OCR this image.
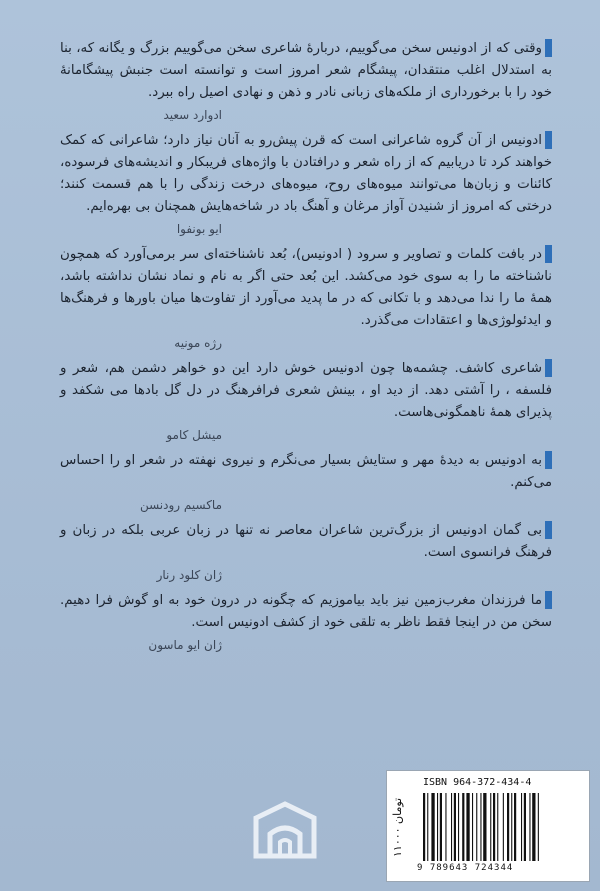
وقتی که از ادونیس سخن می‌گوییم، دربارهٔ شاعری سخن می‌گوییم بزرگ و یگانه که، بنا به استدلال اغلب منتقدان، پیشگام شعر امروز است و توانسته است جنبش پیشگامانهٔ خود را با برخورداری از ملکه‌های زبانی نادر و ذهن و نهادی اصیل راه ببرد.

ادوارد سعید

ادونیس از آن گروه شاعرانی است که قرن پیش‌رو به آنان نیاز دارد؛ شاعرانی که کمک خواهند کرد تا دریابیم که از راه شعر و درافتادن با واژه‌های فریبکار و اندیشه‌های فرسوده، کائنات و زبان‌ها می‌توانند میوه‌های روح، میوه‌های درخت زندگی را با هم قسمت کنند؛ درختی که امروز از شنیدن آواز مرغان و آهنگ باد در شاخه‌هایش همچنان بی بهره‌ایم.

ایو بونفوا

در بافت کلمات و تصاویر و سرود ( ادونیس)، بُعد ناشناخته‌ای سر برمی‌آورد که همچون ناشناخته ما را به سوی خود می‌کشد. این بُعد حتی اگر به نام و نماد نشان نداشته باشد، همهٔ ما را ندا می‌دهد و با تکانی که در ما پدید می‌آورد از تفاوت‌ها میان باورها و فرهنگ‌ها و ایدئولوژی‌ها و اعتقادات می‌گذرد.

رژه مونیه

شاعری کاشف. چشمه‌ها چون ادونیس خوش دارد این دو خواهر دشمن هم، شعر و فلسفه ، را آشتی دهد. از دید او ، بینش شعری فرافرهنگ در دل گل بادها می شکفد و پذیرای همهٔ ناهمگونی‌هاست.

میشل کامو

به ادونیس به دیدهٔ مهر و ستایش بسیار می‌نگرم و نیروی نهفته در شعر او را احساس می‌کنم.

ماکسیم رودنسن

بی گمان ادونیس از بزرگ‌ترین شاعران معاصر نه تنها در زبان عربی بلکه در زبان و فرهنگ فرانسوی است.

ژان کلود رنار

ما فرزندان مغرب‌زمین نیز باید بیاموزیم که چگونه در درون خود به او گوش فرا دهیم. سخن من در اینجا فقط ناظر به تلقی خود از کشف ادونیس است.

ژان ایو ماسون

۱۱۰۰۰ تومان
ISBN 964-372-434-4
9 789643 724344
